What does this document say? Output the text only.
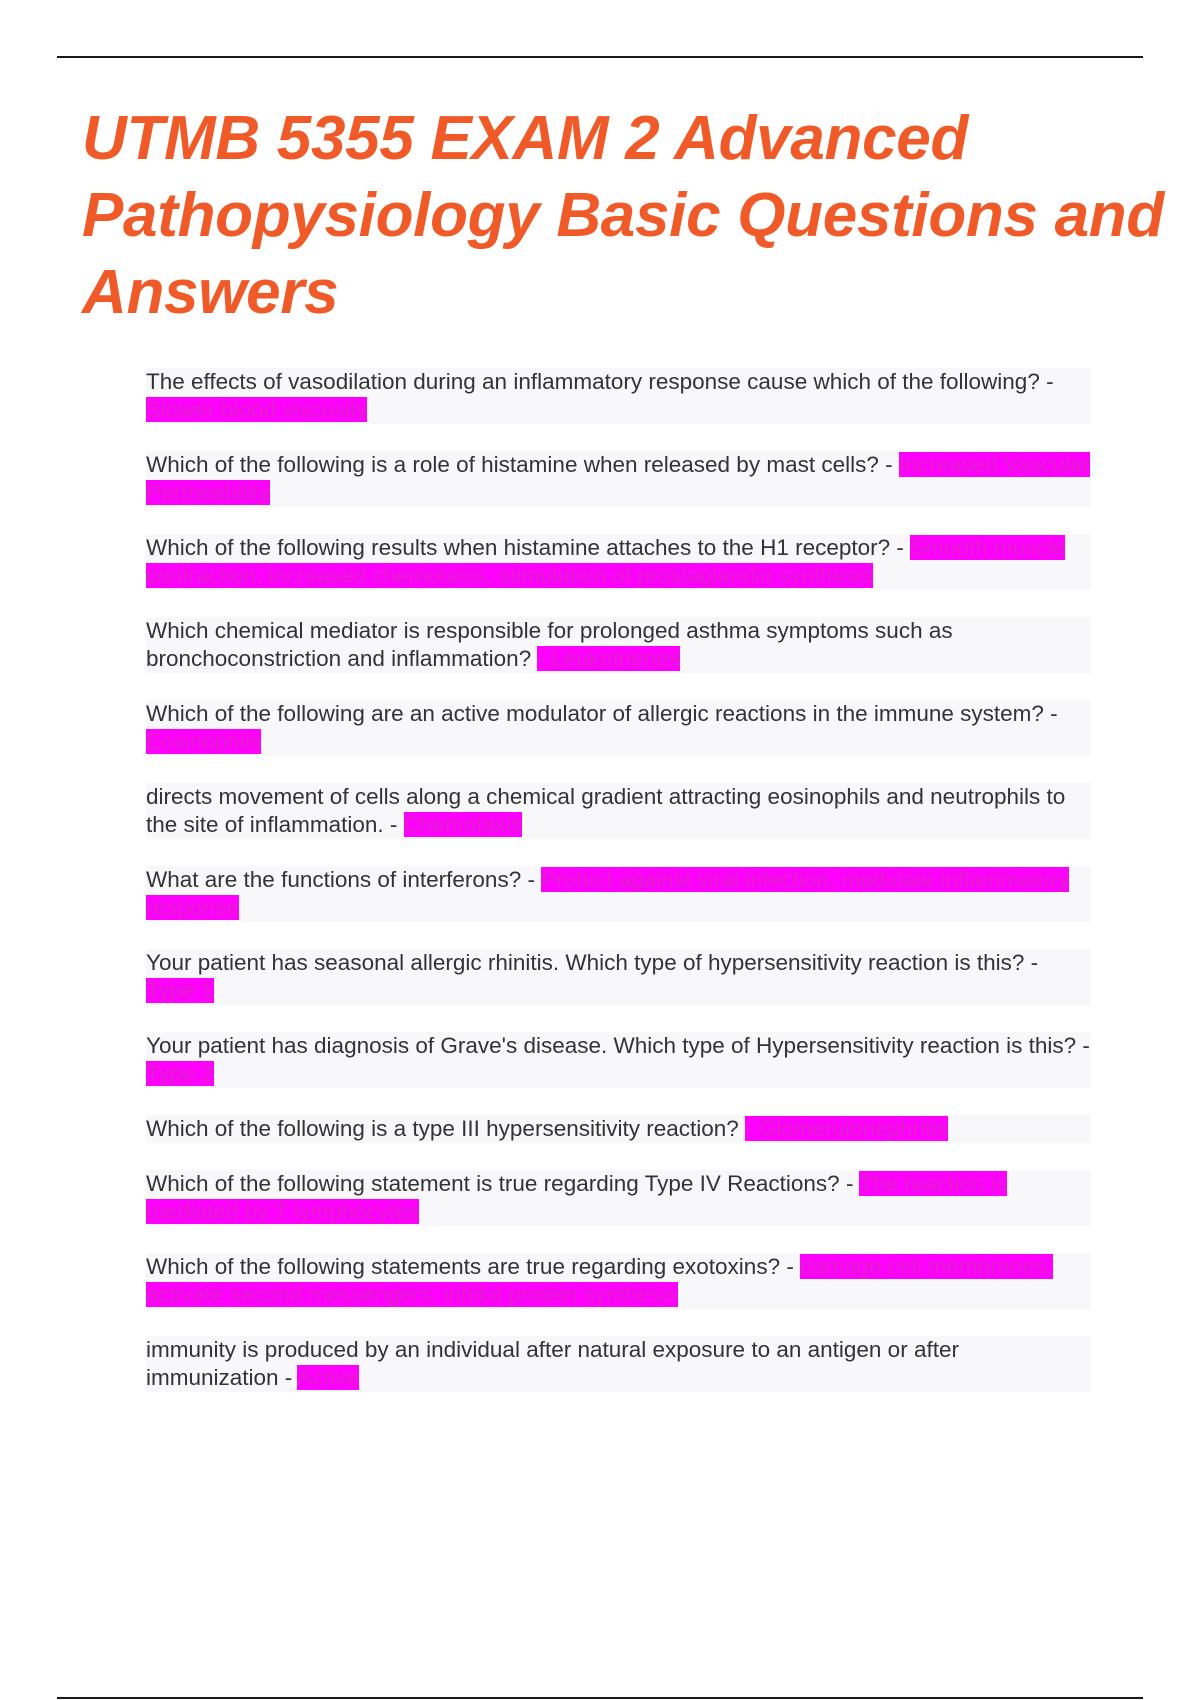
UTMB 5355 EXAM 2 Advanced Pathopysiology Basic Questions and Answers
The effects of vasodilation during an inflammatory response cause which of the following? - Slower blood viscosity
Which of the following is a role of histamine when released by mast cells? - Increased Vascular Permeability
Which of the following results when histamine attaches to the H1 receptor? - Smooth muscle contraction, increased chemotaxis, stimulation of prostaglandin synthesis
Which chemical mediator is responsible for prolonged asthma symptoms such as bronchoconstriction and inflammation? - Leukotrienes
Which of the following are an active modulator of allergic reactions in the immune system? - Eosinophils
directs movement of cells along a chemical gradient attracting eosinophils and neutrophils to the site of inflammation. - Chemotaxis
What are the functions of interferons? - Protect against viral infection, modulate inflammatory response
Your patient has seasonal allergic rhinitis. Which type of hypersensitivity reaction is this? - Type 1
Your patient has diagnosis of Grave's disease. Which type of Hypersensitivity reaction is this? - Type 2
Which of the following is a type III hypersensitivity reaction? - Glomerulonephritis
Which of the following statement is true regarding Type IV Reactions? - The reaction is mediated by T lymphocytes
Which of the following statements are true regarding exotoxins? - damage cell membranes, activate second messengers, inhibit protein synthesis
immunity is produced by an individual after natural exposure to an antigen or after immunization - Active
